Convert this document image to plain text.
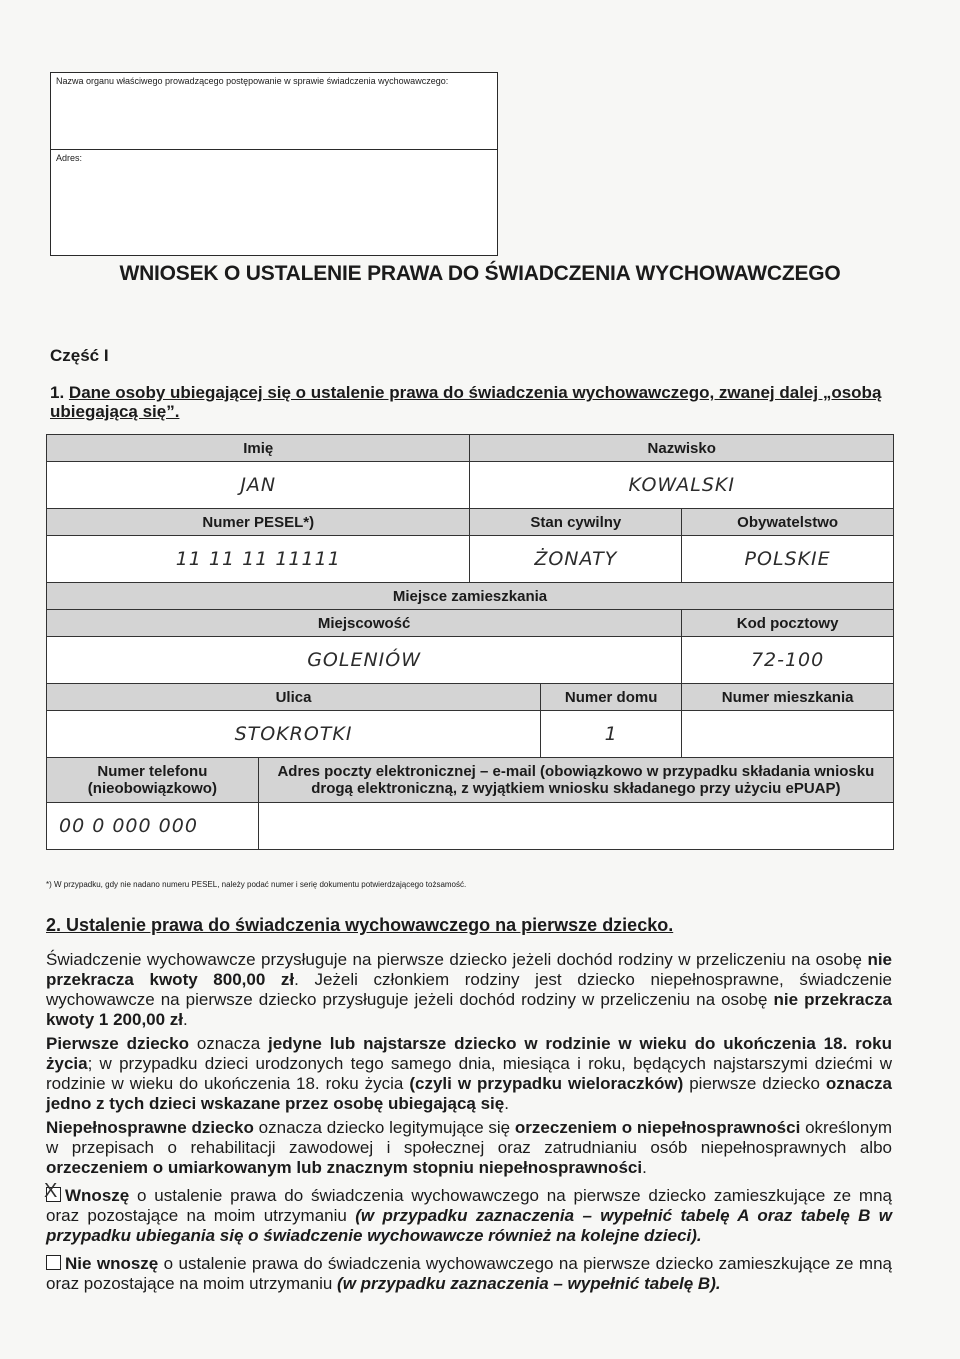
Nazwa organu właściwego prowadzącego postępowanie w sprawie świadczenia wychowawczego:
Adres:
WNIOSEK O USTALENIE PRAWA DO ŚWIADCZENIA WYCHOWAWCZEGO
Część I
1. Dane osoby ubiegającej się o ustalenie prawa do świadczenia wychowawczego, zwanej dalej „osobą ubiegającą się”.
Imię		Nazwisko		
JAN		KOWALSKI		
Numer PESEL*)		Stan cywilny		Obywatelstwo
11 11 11 11111		ŻONATY		POLSKIE
Miejsce zamieszkania				
Miejscowość				Kod pocztowy
GOLENIÓW				72-100
Ulica			Numer domu	Numer mieszkania
STOKROTKI			1	
Numer telefonu (nieobowiązkowo)	Adres poczty elektronicznej – e-mail (obowiązkowo w przypadku składania wniosku drogą elektroniczną, z wyjątkiem wniosku składanego przy użyciu ePUAP)			
00 0 000 000				
*) W przypadku, gdy nie nadano numeru PESEL, należy podać numer i serię dokumentu potwierdzającego tożsamość.
2. Ustalenie prawa do świadczenia wychowawczego na pierwsze dziecko.

Świadczenie wychowawcze przysługuje na pierwsze dziecko jeżeli dochód rodziny w przeliczeniu na osobę nie przekracza kwoty 800,00 zł. Jeżeli członkiem rodziny jest dziecko niepełnosprawne, świadczenie wychowawcze na pierwsze dziecko przysługuje jeżeli dochód rodziny w przeliczeniu na osobę nie przekracza kwoty 1 200,00 zł.

Pierwsze dziecko oznacza jedyne lub najstarsze dziecko w rodzinie w wieku do ukończenia 18. roku życia; w przypadku dzieci urodzonych tego samego dnia, miesiąca i roku, będących najstarszymi dziećmi w rodzinie w wieku do ukończenia 18. roku życia (czyli w przypadku wieloraczków) pierwsze dziecko oznacza jedno z tych dzieci wskazane przez osobę ubiegającą się.

Niepełnosprawne dziecko oznacza dziecko legitymujące się orzeczeniem o niepełnosprawności określonym w przepisach o rehabilitacji zawodowej i społecznej oraz zatrudnianiu osób niepełnosprawnych albo orzeczeniem o umiarkowanym lub znacznym stopniu niepełnosprawności.

XWnoszę o ustalenie prawa do świadczenia wychowawczego na pierwsze dziecko zamieszkujące ze mną oraz pozostające na moim utrzymaniu (w przypadku zaznaczenia – wypełnić tabelę A oraz tabelę B w przypadku ubiegania się o świadczenie wychowawcze również na kolejne dzieci).

Nie wnoszę o ustalenie prawa do świadczenia wychowawczego na pierwsze dziecko zamieszkujące ze mną oraz pozostające na moim utrzymaniu (w przypadku zaznaczenia – wypełnić tabelę B).
